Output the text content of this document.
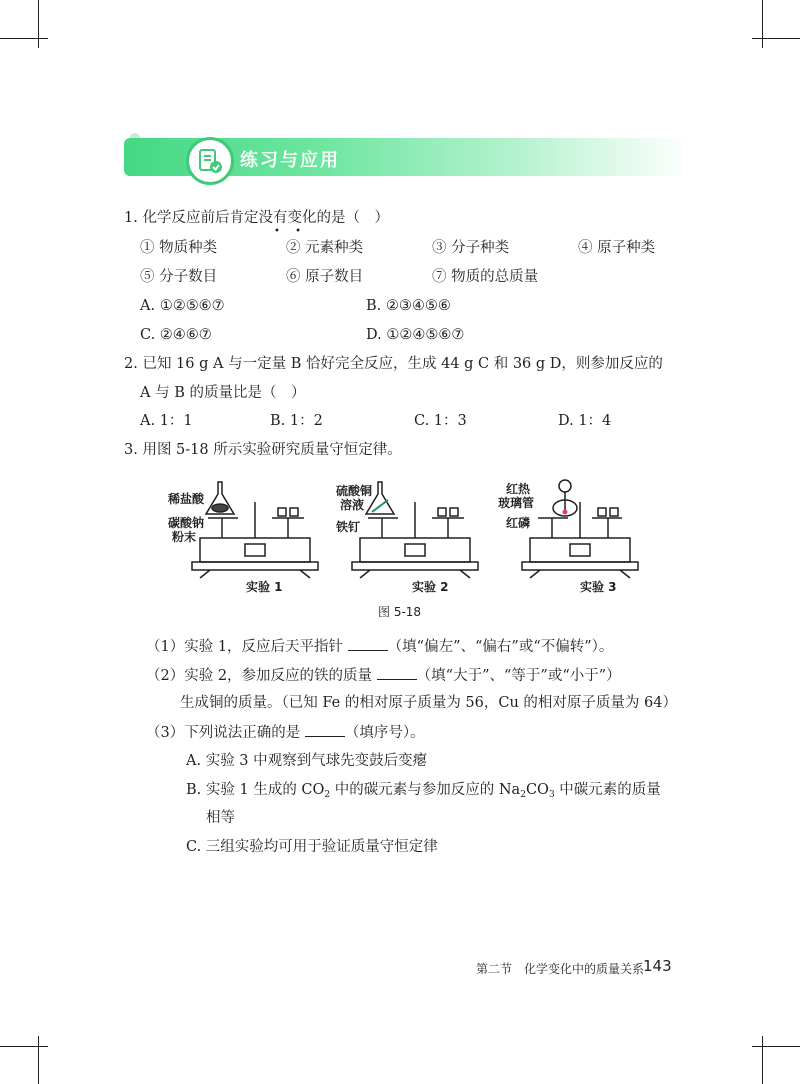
练习与应用
1. 化学反应前后肯定没有变化的是（　）
• •
① 物质种类	② 元素种类	③ 分子种类	④ 原子种类
⑤ 分子数目	⑥ 原子数目	⑦ 物质的总质量
A. ①②⑤⑥⑦	B. ②③④⑤⑥
C. ②④⑥⑦	D. ①②④⑤⑥⑦
2. 已知 16 g A 与一定量 B 恰好完全反应，生成 44 g C 和 36 g D，则参加反应的
A 与 B 的质量比是（　）
A. 1：1	B. 1：2	C. 1：3	D. 1：4
3. 用图 5-18 所示实验研究质量守恒定律。
稀盐酸
碳酸钠
粉末
硫酸铜
溶液
铁钉
红热
玻璃管
红磷
实验 1	实验 2	实验 3
图 5-18
（1）实验 1，反应后天平指针	（填“偏左”、“偏右”或“不偏转”）。
（2）实验 2，参加反应的铁的质量	（填“大于”、“等于”或“小于”）
生成铜的质量。（已知 Fe 的相对原子质量为 56，Cu 的相对原子质量为 64）
（3）下列说法正确的是	（填序号）。
A. 实验 3 中观察到气球先变鼓后变瘪
B. 实验 1 生成的 $CO_2$ 中的碳元素与参加反应的 $Na_2CO_3$ 中碳元素的质量
相等
C. 三组实验均可用于验证质量守恒定律
第二节　化学变化中的质量关系
143
